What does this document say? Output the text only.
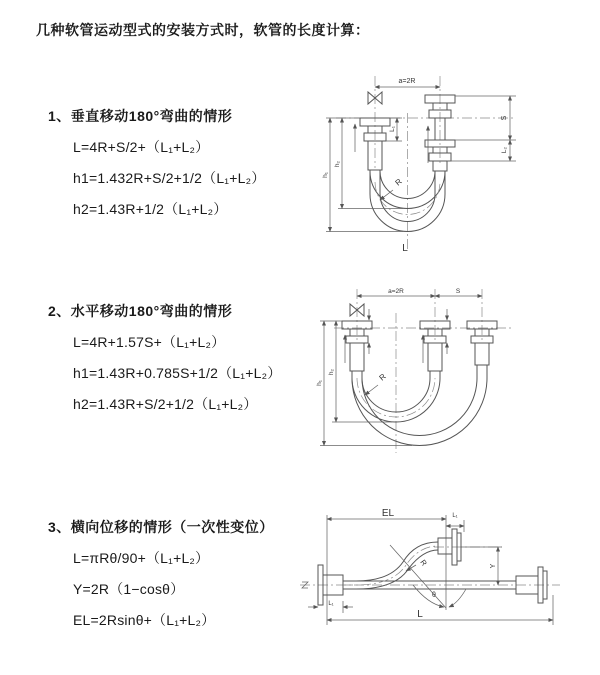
几种软管运动型式的安装方式时，软管的长度计算：
1、垂直移动180°弯曲的情形
L=4R+S/2+（L₁+L₂）
h1=1.432R+S/2+1/2（L₁+L₂）
h2=1.43R+1/2（L₁+L₂）
2、水平移动180°弯曲的情形
L=4R+1.57S+（L₁+L₂）
h1=1.43R+0.785S+1/2（L₁+L₂）
h2=1.43R+S/2+1/2（L₁+L₂）
3、横向位移的情形（一次性变位）
L=πRθ/90+（L₁+L₂）
Y=2R（1−cosθ）
EL=2Rsinθ+（L₁+L₂）
a=2R
L₁
S
L₂
h₁
h₂
R
L
a=2R	S
h₁
h₂	R
EL	L₁
Y
R
θ
L
L₁
